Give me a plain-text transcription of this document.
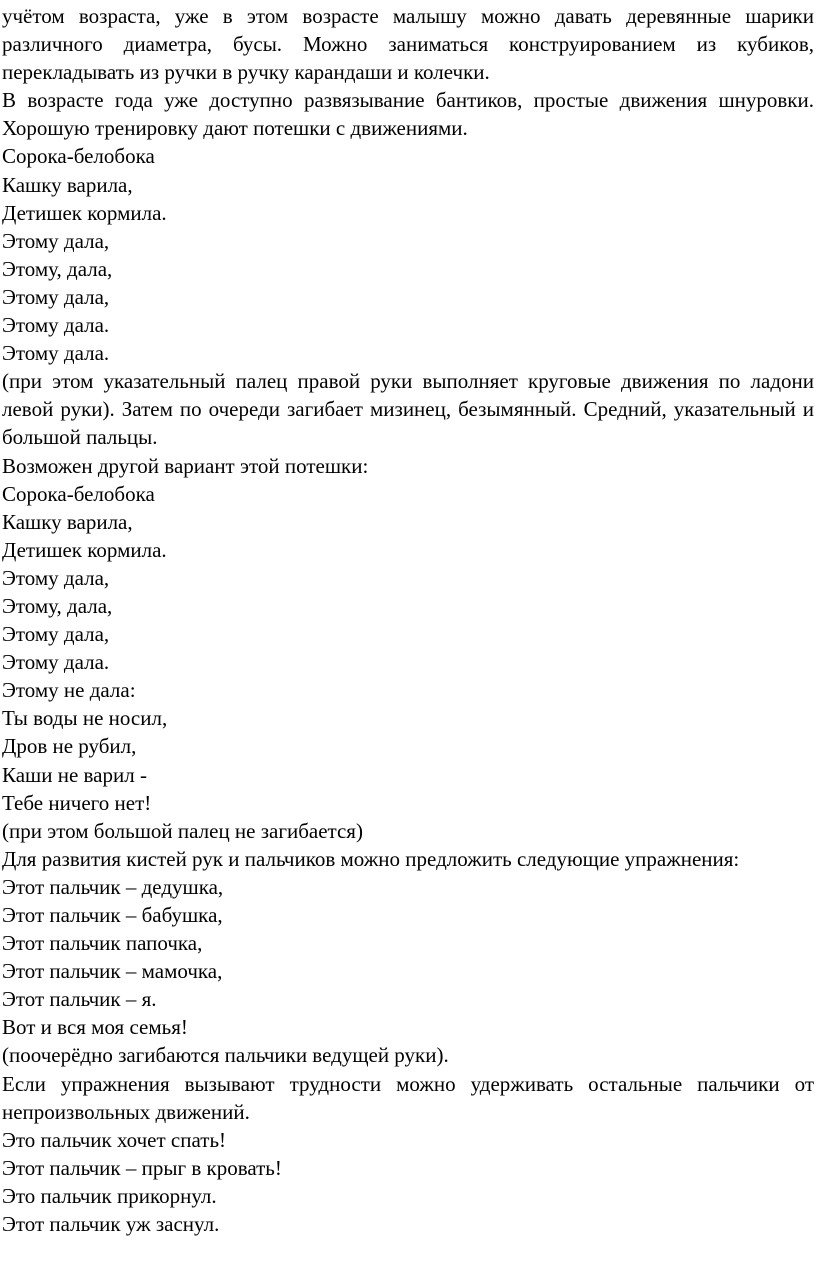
учётом возраста, уже в этом возрасте малышу можно давать деревянные шарики различного диаметра, бусы. Можно заниматься конструированием из кубиков, перекладывать из ручки в ручку карандаши и колечки.

В возрасте года уже доступно развязывание бантиков, простые движения шнуровки. Хорошую тренировку дают потешки с движениями.

Сорока-белобока

Кашку варила,

Детишек кормила.

Этому дала,

Этому, дала,

Этому дала,

Этому дала.

Этому дала.

(при этом указательный палец правой руки выполняет круговые движения по ладони левой руки). Затем по очереди загибает мизинец, безымянный. Средний, указательный и большой пальцы.

Возможен другой вариант этой потешки:

Сорока-белобока

Кашку варила,

Детишек кормила.

Этому дала,

Этому, дала,

Этому дала,

Этому дала.

Этому не дала:

Ты воды не носил,

Дров не рубил,

Каши не варил -

Тебе ничего нет!

(при этом большой палец не загибается)

Для развития кистей рук и пальчиков можно предложить следующие упражнения:

Этот пальчик – дедушка,

Этот пальчик – бабушка,

Этот пальчик папочка,

Этот пальчик – мамочка,

Этот пальчик – я.

Вот и вся моя семья!

(поочерёдно загибаются пальчики ведущей руки).

Если упражнения вызывают трудности можно удерживать остальные пальчики от непроизвольных движений.

Это пальчик хочет спать!

Этот пальчик – прыг в кровать!

Это пальчик прикорнул.

Этот пальчик уж заснул.
